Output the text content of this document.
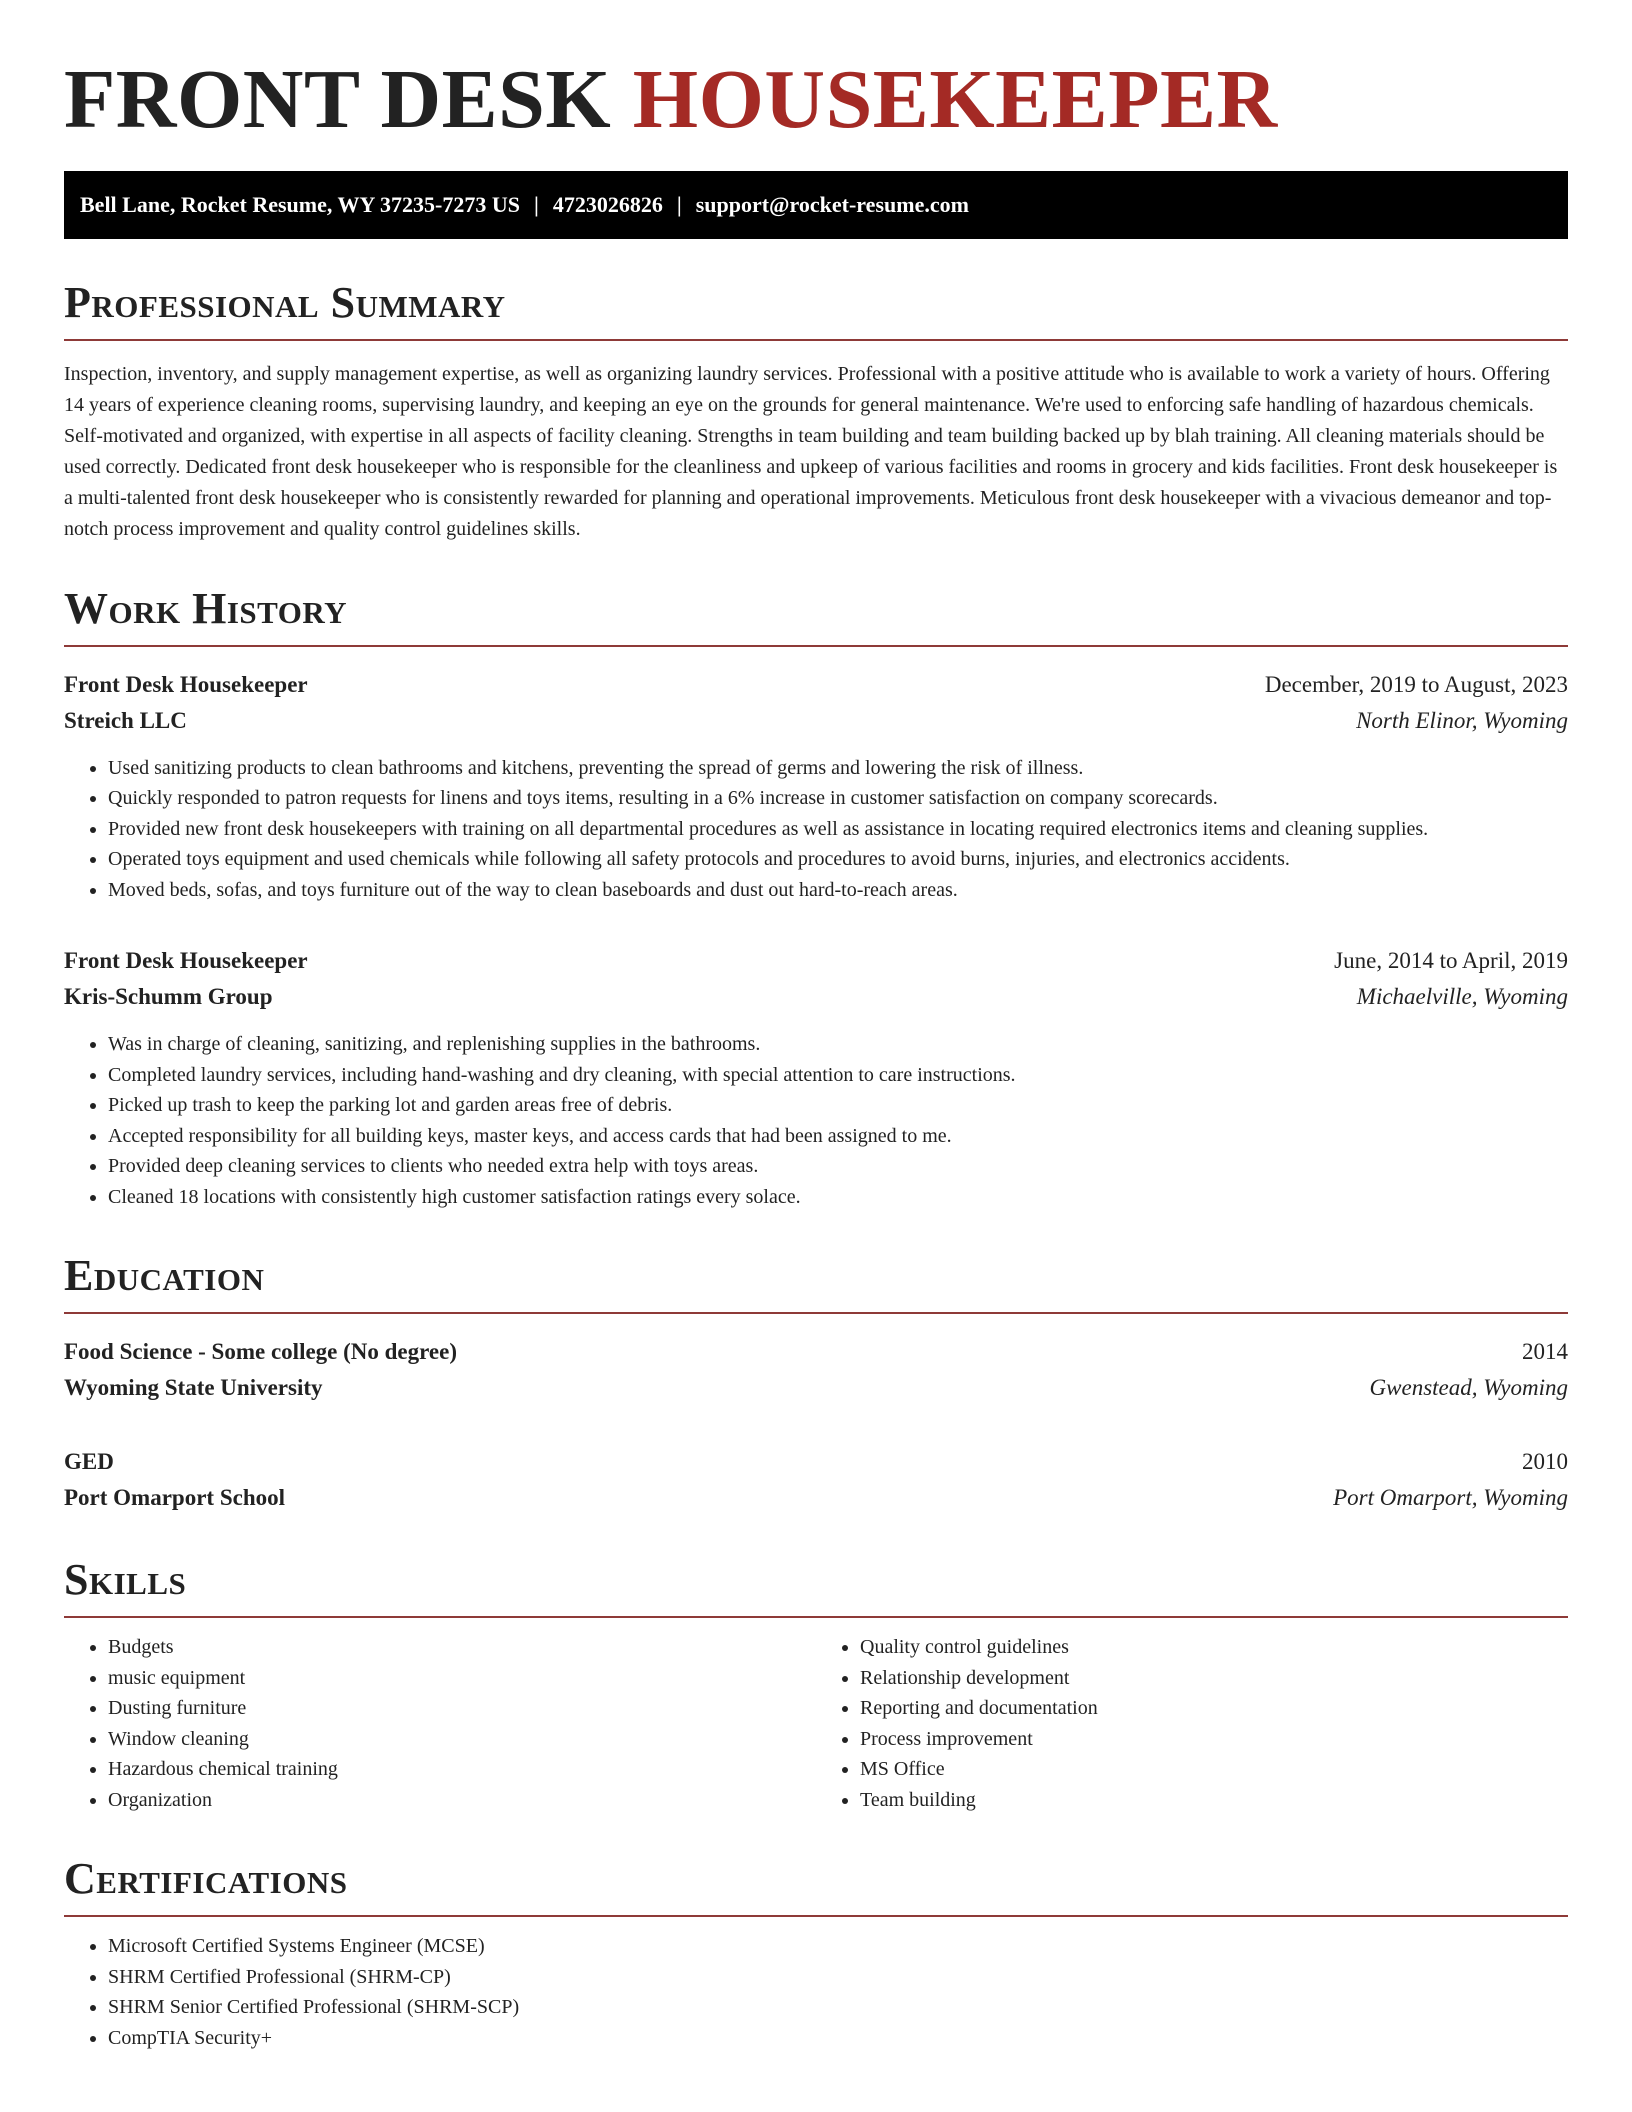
FRONT DESK HOUSEKEEPER
Bell Lane, Rocket Resume, WY 37235-7273 US | 4723026826 | support@rocket-resume.com
Professional Summary

Inspection, inventory, and supply management expertise, as well as organizing laundry services. Professional with a positive attitude who is available to work a variety of hours. Offering 14 years of experience cleaning rooms, supervising laundry, and keeping an eye on the grounds for general maintenance. We're used to enforcing safe handling of hazardous chemicals. Self-motivated and organized, with expertise in all aspects of facility cleaning. Strengths in team building and team building backed up by blah training. All cleaning materials should be used correctly. Dedicated front desk housekeeper who is responsible for the cleanliness and upkeep of various facilities and rooms in grocery and kids facilities. Front desk housekeeper is a multi-talented front desk housekeeper who is consistently rewarded for planning and operational improvements. Meticulous front desk housekeeper with a vivacious demeanor and top-notch process improvement and quality control guidelines skills.

Work History
Front Desk Housekeeper	December, 2019 to August, 2023
Streich LLC	North Elinor, Wyoming
• Used sanitizing products to clean bathrooms and kitchens, preventing the spread of germs and lowering the risk of illness.
• Quickly responded to patron requests for linens and toys items, resulting in a 6% increase in customer satisfaction on company scorecards.
• Provided new front desk housekeepers with training on all departmental procedures as well as assistance in locating required electronics items and cleaning supplies.
• Operated toys equipment and used chemicals while following all safety protocols and procedures to avoid burns, injuries, and electronics accidents.
• Moved beds, sofas, and toys furniture out of the way to clean baseboards and dust out hard-to-reach areas.
Front Desk Housekeeper	June, 2014 to April, 2019
Kris-Schumm Group	Michaelville, Wyoming
• Was in charge of cleaning, sanitizing, and replenishing supplies in the bathrooms.
• Completed laundry services, including hand-washing and dry cleaning, with special attention to care instructions.
• Picked up trash to keep the parking lot and garden areas free of debris.
• Accepted responsibility for all building keys, master keys, and access cards that had been assigned to me.
• Provided deep cleaning services to clients who needed extra help with toys areas.
• Cleaned 18 locations with consistently high customer satisfaction ratings every solace.
Education
Food Science - Some college (No degree)	2014
Wyoming State University	Gwenstead, Wyoming
GED	2010
Port Omarport School	Port Omarport, Wyoming
Skills
• Budgets
• music equipment
• Dusting furniture
• Window cleaning
• Hazardous chemical training
• Organization
• Quality control guidelines
• Relationship development
• Reporting and documentation
• Process improvement
• MS Office
• Team building
Certifications
• Microsoft Certified Systems Engineer (MCSE)
• SHRM Certified Professional (SHRM-CP)
• SHRM Senior Certified Professional (SHRM-SCP)
• CompTIA Security+
